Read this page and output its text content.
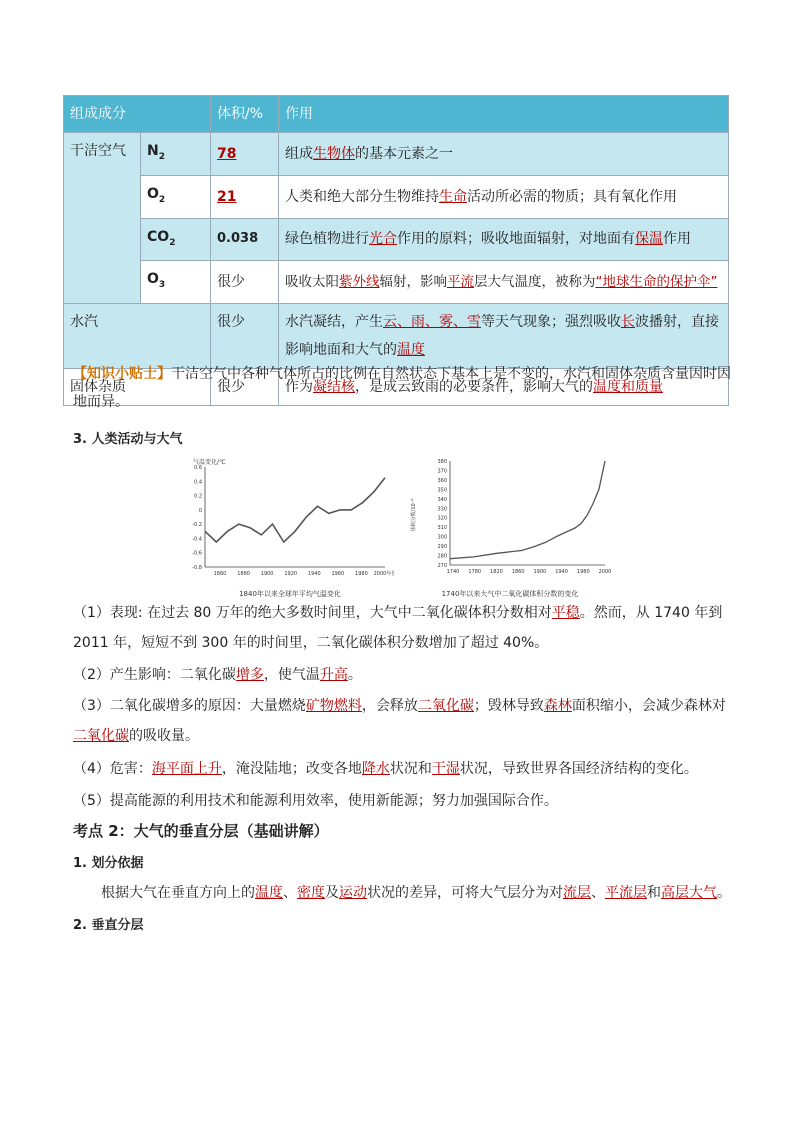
组成成分		体积/%	作用
干洁空气	$N_2$	78	组成生物体的基本元素之一
	$O_2$	21	人类和绝大部分生物维持生命活动所必需的物质；具有氧化作用
	$CO_2$	0.038	绿色植物进行光合作用的原料；吸收地面辐射，对地面有保温作用
	$O_3$	很少	吸收太阳紫外线辐射，影响平流层大气温度，被称为“地球生命的保护伞”
水汽		很少	水汽凝结，产生云、雨、雾、雪等天气现象；强烈吸收长波播射，直接影响地面和大气的温度
固体杂质		很少	作为凝结核，是成云致雨的必要条件，影响大气的温度和质量
【知识小贴士】干洁空气中各种气体所占的比例在自然状态下基本上是不变的，水汽和固体杂质含量因时因地而异。
3. 人类活动与大气
0.6
0.4
0.2
0
-0.2
-0.4
-0.6
-0.8
1860 1880 1900 1920 1940 1960 1980 2000年份
气温变化/℃
1840年以来全球年平均气温变化
380
370
360
350
340
330
320
310
300
290
280
270
1740 1780 1820 1860 1900 1940 1980 2000
体积分数/10⁻⁶
1740年以来大气中二氧化碳体积分数的变化
（1）表现: 在过去 80 万年的绝大多数时间里，大气中二氧化碳体积分数相对平稳。然而，从 1740 年到 2011 年，短短不到 300 年的时间里，二氧化碳体积分数增加了超过 40%。
（2）产生影响：二氧化碳增多，使气温升高。
（3）二氧化碳增多的原因：大量燃烧矿物燃料，会释放二氧化碳；毁林导致森林面积缩小，会减少森林对二氧化碳的吸收量。
（4）危害：海平面上升，淹没陆地；改变各地降水状况和干湿状况，导致世界各国经济结构的变化。
（5）提高能源的利用技术和能源利用效率，使用新能源；努力加强国际合作。
考点 2：大气的垂直分层（基础讲解）
1. 划分依据
根据大气在垂直方向上的温度、密度及运动状况的差异，可将大气层分为对流层、平流层和高层大气。
2. 垂直分层
